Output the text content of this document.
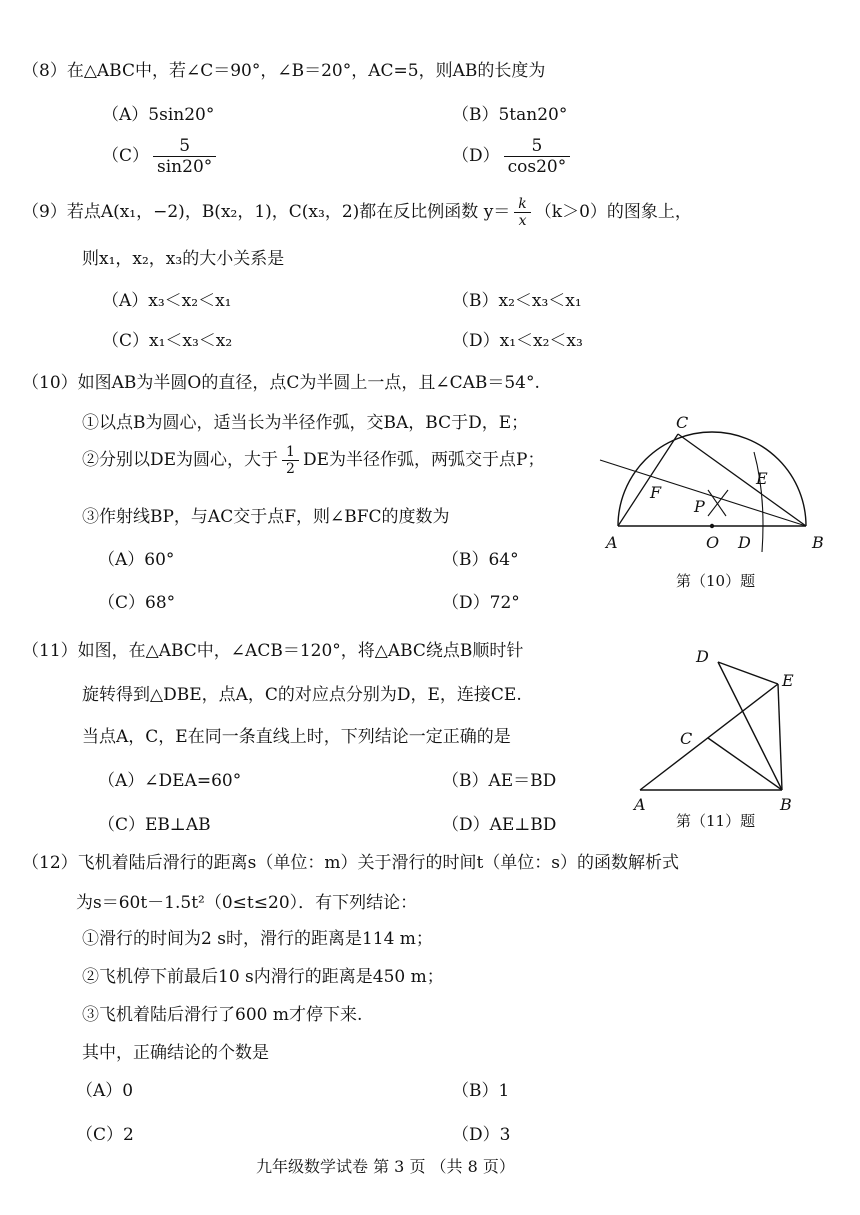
（8）在△ABC中，若∠C＝90°，∠B＝20°，AC=5，则AB的长度为
（A）5sin20°	（B）5tan20°
$(C) \frac{5}{\sin 20^\circ}$	$(D) \frac{5}{\cos 20^\circ}$
（9）若点A(x₁，−2)，B(x₂，1)，C(x₃，2)都在反比例函数 $y= \frac{k}{x} (k>0)$的图象上，
则x₁，x₂，x₃的大小关系是
（A）x₃＜x₂＜x₁	（B）x₂＜x₃＜x₁
（C）x₁＜x₃＜x₂	（D）x₁＜x₂＜x₃
（10）如图AB为半圆O的直径，点C为半圆上一点，且∠CAB＝54°.
①以点B为圆心，适当长为半径作弧，交BA，BC于D，E；
②分别以DE为圆心，大于 $\frac{1}{2}$ DE为半径作弧，两弧交于点P；
③作射线BP，与AC交于点F，则∠BFC的度数为
（A）60°	（B）64°
（C）68°	（D）72°
A	O D	B
C
E
F
P
第（10）题
（11）如图，在△ABC中，∠ACB＝120°，将△ABC绕点B顺时针
旋转得到△DBE，点A，C的对应点分别为D，E，连接CE.
当点A，C，E在同一条直线上时，下列结论一定正确的是
（A）∠DEA=60°	（B）AE＝BD
（C）EB⊥AB	（D）AE⊥BD
D
E
C
A	B
第（11）题
（12）飞机着陆后滑行的距离s（单位：m）关于滑行的时间t（单位：s）的函数解析式
为s＝60t－1.5t²（0≤t≤20）．有下列结论：
①滑行的时间为2 s时，滑行的距离是114 m；
②飞机停下前最后10 s内滑行的距离是450 m；
③飞机着陆后滑行了600 m才停下来.
其中，正确结论的个数是
（A）0	（B）1
（C）2	（D）3
九年级数学试卷 第 3 页 （共 8 页）
